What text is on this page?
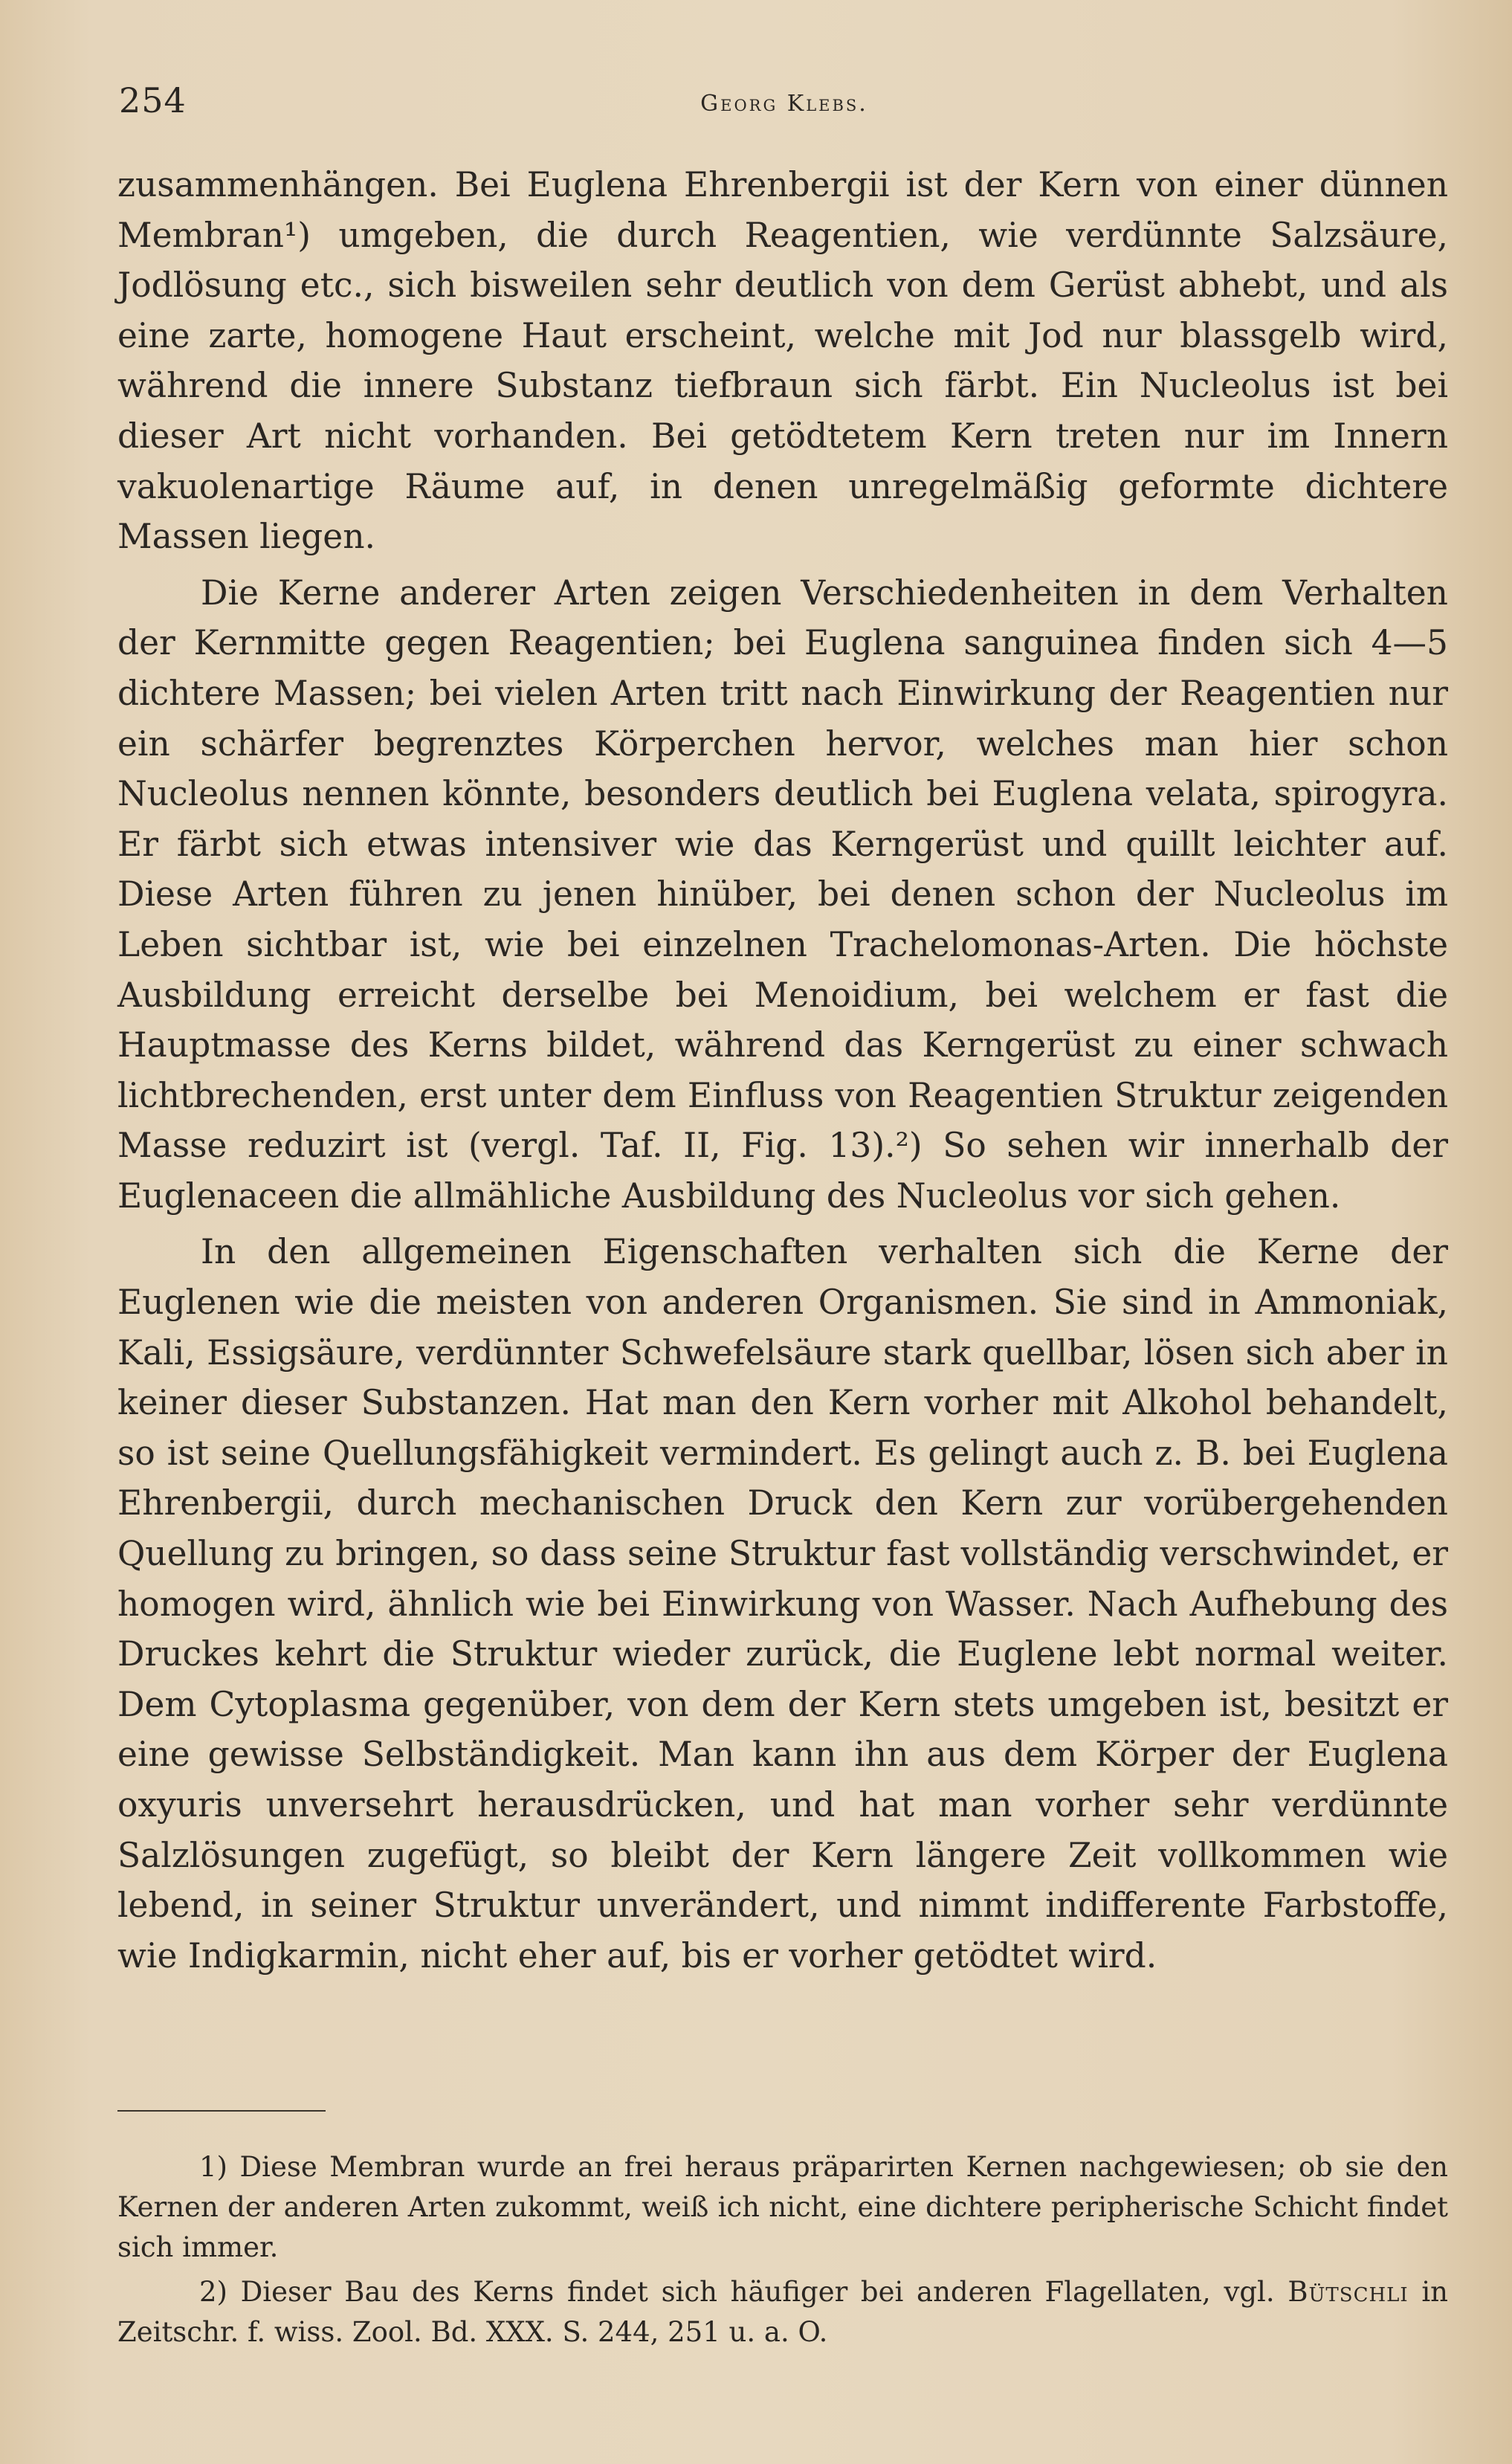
254	Georg Klebs.

zusammenhängen. Bei Euglena Ehrenbergii ist der Kern von einer dünnen Membran¹) umgeben, die durch Reagentien, wie verdünnte Salzsäure, Jodlösung etc., sich bisweilen sehr deutlich von dem Gerüst abhebt, und als eine zarte, homogene Haut erscheint, welche mit Jod nur blassgelb wird, während die innere Substanz tiefbraun sich färbt. Ein Nucleolus ist bei dieser Art nicht vorhanden. Bei getödtetem Kern treten nur im Innern vakuolenartige Räume auf, in denen unregelmäßig geformte dichtere Massen liegen.

Die Kerne anderer Arten zeigen Verschiedenheiten in dem Verhalten der Kernmitte gegen Reagentien; bei Euglena sanguinea finden sich 4—5 dichtere Massen; bei vielen Arten tritt nach Einwirkung der Reagentien nur ein schärfer begrenztes Körperchen hervor, welches man hier schon Nucleolus nennen könnte, besonders deutlich bei Euglena velata, spirogyra. Er färbt sich etwas intensiver wie das Kerngerüst und quillt leichter auf. Diese Arten führen zu jenen hinüber, bei denen schon der Nucleolus im Leben sichtbar ist, wie bei einzelnen Trachelomonas-Arten. Die höchste Ausbildung erreicht derselbe bei Menoidium, bei welchem er fast die Hauptmasse des Kerns bildet, während das Kerngerüst zu einer schwach lichtbrechenden, erst unter dem Einfluss von Reagentien Struktur zeigenden Masse reduzirt ist (vergl. Taf. II, Fig. 13).²) So sehen wir innerhalb der Euglenaceen die allmähliche Ausbildung des Nucleolus vor sich gehen.

In den allgemeinen Eigenschaften verhalten sich die Kerne der Euglenen wie die meisten von anderen Organismen. Sie sind in Ammoniak, Kali, Essigsäure, verdünnter Schwefelsäure stark quellbar, lösen sich aber in keiner dieser Substanzen. Hat man den Kern vorher mit Alkohol behandelt, so ist seine Quellungsfähigkeit vermindert. Es gelingt auch z. B. bei Euglena Ehrenbergii, durch mechanischen Druck den Kern zur vorübergehenden Quellung zu bringen, so dass seine Struktur fast vollständig verschwindet, er homogen wird, ähnlich wie bei Einwirkung von Wasser. Nach Aufhebung des Druckes kehrt die Struktur wieder zurück, die Euglene lebt normal weiter. Dem Cytoplasma gegenüber, von dem der Kern stets umgeben ist, besitzt er eine gewisse Selbständigkeit. Man kann ihn aus dem Körper der Euglena oxyuris unversehrt herausdrücken, und hat man vorher sehr verdünnte Salzlösungen zugefügt, so bleibt der Kern längere Zeit vollkommen wie lebend, in seiner Struktur unverändert, und nimmt indifferente Farbstoffe, wie Indigkarmin, nicht eher auf, bis er vorher getödtet wird.

1) Diese Membran wurde an frei heraus präparirten Kernen nachgewiesen; ob sie den Kernen der anderen Arten zukommt, weiß ich nicht, eine dichtere peripherische Schicht findet sich immer.

2) Dieser Bau des Kerns findet sich häufiger bei anderen Flagellaten, vgl. Bütschli in Zeitschr. f. wiss. Zool. Bd. XXX. S. 244, 251 u. a. O.
